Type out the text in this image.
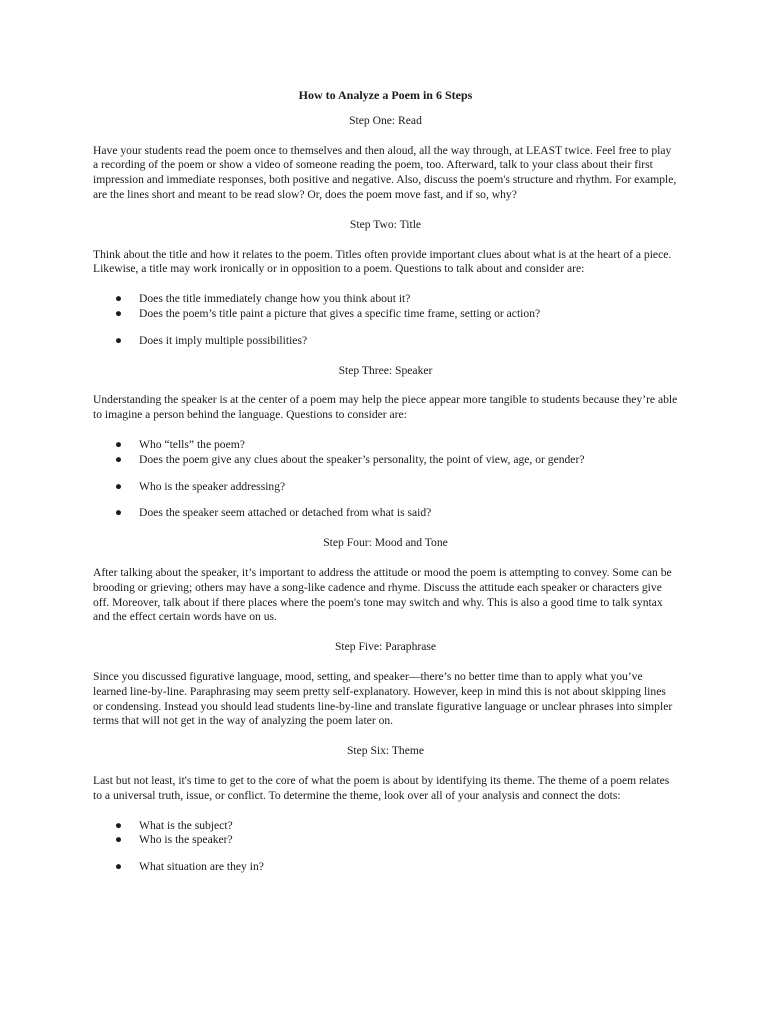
How to Analyze a Poem in 6 Steps
Step One: Read
Have your students read the poem once to themselves and then aloud, all the way through, at LEAST twice. Feel free to play a recording of the poem or show a video of someone reading the poem, too. Afterward, talk to your class about their first impression and immediate responses, both positive and negative. Also, discuss the poem's structure and rhythm. For example, are the lines short and meant to be read slow? Or, does the poem move fast, and if so, why?
Step Two: Title
Think about the title and how it relates to the poem. Titles often provide important clues about what is at the heart of a piece. Likewise, a title may work ironically or in opposition to a poem. Questions to talk about and consider are:
● Does the title immediately change how you think about it?
● Does the poem’s title paint a picture that gives a specific time frame, setting or action?
● Does it imply multiple possibilities?
Step Three: Speaker
Understanding the speaker is at the center of a poem may help the piece appear more tangible to students because they’re able to imagine a person behind the language. Questions to consider are:
● Who “tells” the poem?
● Does the poem give any clues about the speaker’s personality, the point of view, age, or gender?
● Who is the speaker addressing?
● Does the speaker seem attached or detached from what is said?
Step Four: Mood and Tone
After talking about the speaker, it’s important to address the attitude or mood the poem is attempting to convey. Some can be brooding or grieving; others may have a song-like cadence and rhyme. Discuss the attitude each speaker or characters give off. Moreover, talk about if there places where the poem's tone may switch and why. This is also a good time to talk syntax and the effect certain words have on us.
Step Five: Paraphrase
Since you discussed figurative language, mood, setting, and speaker—there’s no better time than to apply what you’ve learned line-by-line. Paraphrasing may seem pretty self-explanatory. However, keep in mind this is not about skipping lines or condensing. Instead you should lead students line-by-line and translate figurative language or unclear phrases into simpler terms that will not get in the way of analyzing the poem later on.
Step Six: Theme
Last but not least, it's time to get to the core of what the poem is about by identifying its theme. The theme of a poem relates to a universal truth, issue, or conflict. To determine the theme, look over all of your analysis and connect the dots:
● What is the subject?
● Who is the speaker?
● What situation are they in?
